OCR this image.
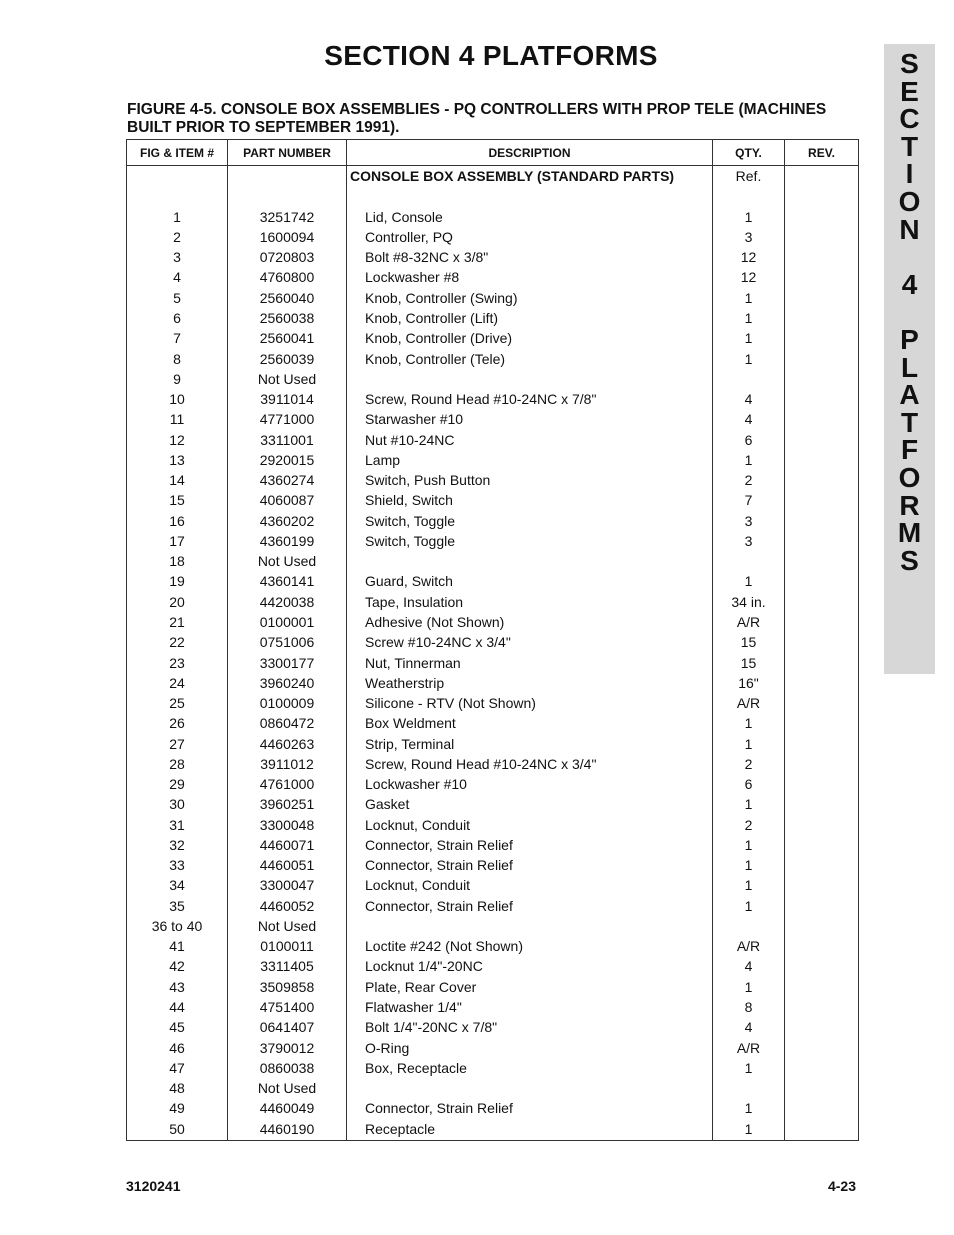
SECTION 4 PLATFORMS
FIGURE 4-5. CONSOLE BOX ASSEMBLIES - PQ CONTROLLERS WITH PROP TELE (MACHINES BUILT PRIOR TO SEPTEMBER 1991).
S
E
C
T
I
O
N
4
P
L
A
T
F
O
R
M
S
FIG & ITEM #	PART NUMBER	DESCRIPTION	QTY.	REV.
		CONSOLE BOX ASSEMBLY (STANDARD PARTS)	Ref.	

1	3251742	Lid, Console	1	
2	1600094	Controller, PQ	3	
3	0720803	Bolt #8-32NC x 3/8"	12	
4	4760800	Lockwasher #8	12	
5	2560040	Knob, Controller (Swing)	1	
6	2560038	Knob, Controller (Lift)	1	
7	2560041	Knob, Controller (Drive)	1	
8	2560039	Knob, Controller (Tele)	1	
9	Not Used			
10	3911014	Screw, Round Head #10-24NC x 7/8"	4	
11	4771000	Starwasher #10	4	
12	3311001	Nut #10-24NC	6	
13	2920015	Lamp	1	
14	4360274	Switch, Push Button	2	
15	4060087	Shield, Switch	7	
16	4360202	Switch, Toggle	3	
17	4360199	Switch, Toggle	3	
18	Not Used			
19	4360141	Guard, Switch	1	
20	4420038	Tape, Insulation	34 in.	
21	0100001	Adhesive (Not Shown)	A/R	
22	0751006	Screw #10-24NC x 3/4"	15	
23	3300177	Nut, Tinnerman	15	
24	3960240	Weatherstrip	16"	
25	0100009	Silicone - RTV (Not Shown)	A/R	
26	0860472	Box Weldment	1	
27	4460263	Strip, Terminal	1	
28	3911012	Screw, Round Head #10-24NC x 3/4"	2	
29	4761000	Lockwasher #10	6	
30	3960251	Gasket	1	
31	3300048	Locknut, Conduit	2	
32	4460071	Connector, Strain Relief	1	
33	4460051	Connector, Strain Relief	1	
34	3300047	Locknut, Conduit	1	
35	4460052	Connector, Strain Relief	1	
36 to 40	Not Used			
41	0100011	Loctite #242 (Not Shown)	A/R	
42	3311405	Locknut 1/4"-20NC	4	
43	3509858	Plate, Rear Cover	1	
44	4751400	Flatwasher 1/4"	8	
45	0641407	Bolt 1/4"-20NC x 7/8"	4	
46	3790012	O-Ring	A/R	
47	0860038	Box, Receptacle	1	
48	Not Used			
49	4460049	Connector, Strain Relief	1	
50	4460190	Receptacle	1	
3120241	4-23
